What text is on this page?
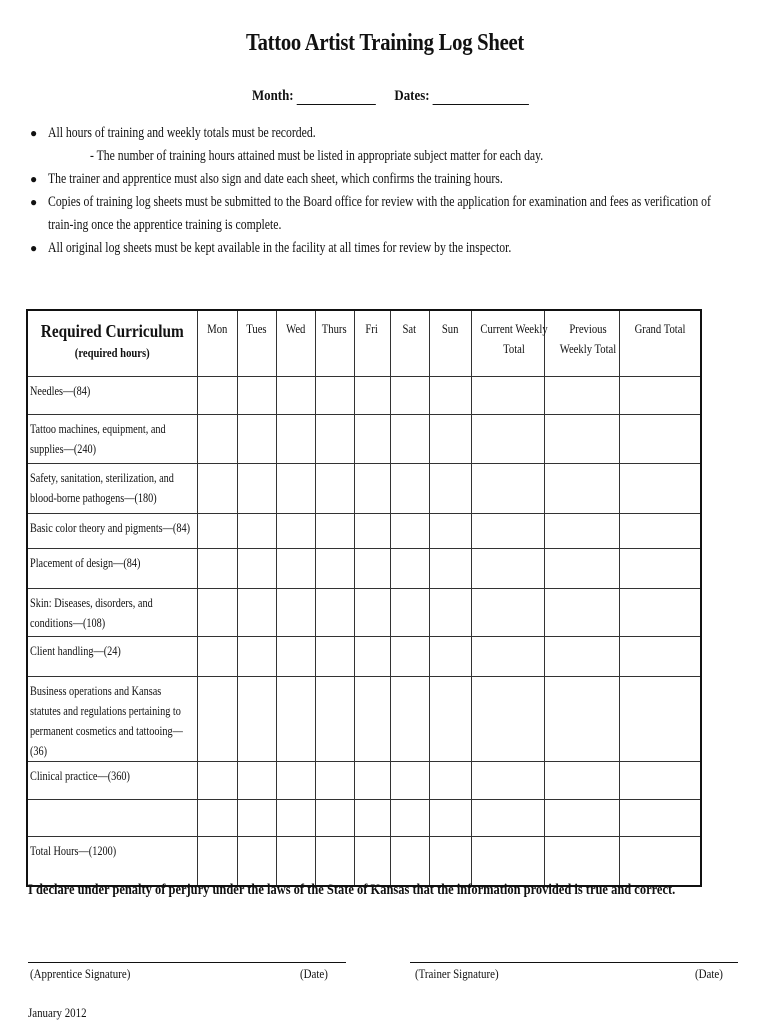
Tattoo Artist Training Log Sheet
Month:	Dates:
● All hours of training and weekly totals must be recorded.
- The number of training hours attained must be listed in appropriate subject matter for each day.
● The trainer and apprentice must also sign and date each sheet, which confirms the training hours.
● Copies of training log sheets must be submitted to the Board office for review with the application for examination and fees as verification of train-ing once the apprentice training is complete.
● All original log sheets must be kept available in the facility at all times for review by the inspector.
Required Curriculum
(required hours)	Mon	Tues	Wed	Thurs	Fri	Sat	Sun	Current Weekly Total	Previous Weekly Total	Grand Total

Needles—(84)										

Tattoo machines, equipment, and supplies—(240)										

Safety, sanitation, sterilization, and blood-borne pathogens—(180)										

Basic color theory and pigments—(84)										

Placement of design—(84)										

Skin: Diseases, disorders, and conditions—(108)										

Client handling—(24)										

Business operations and Kansas statutes and regulations pertaining to permanent cosmetics and tattooing—(36)										

Clinical practice—(360)										

Total Hours—(1200)										

I declare under penalty of perjury under the laws of the State of Kansas that the information provided is true and correct.
(Apprentice Signature)	(Date)	(Trainer Signature)	(Date)
January 2012
